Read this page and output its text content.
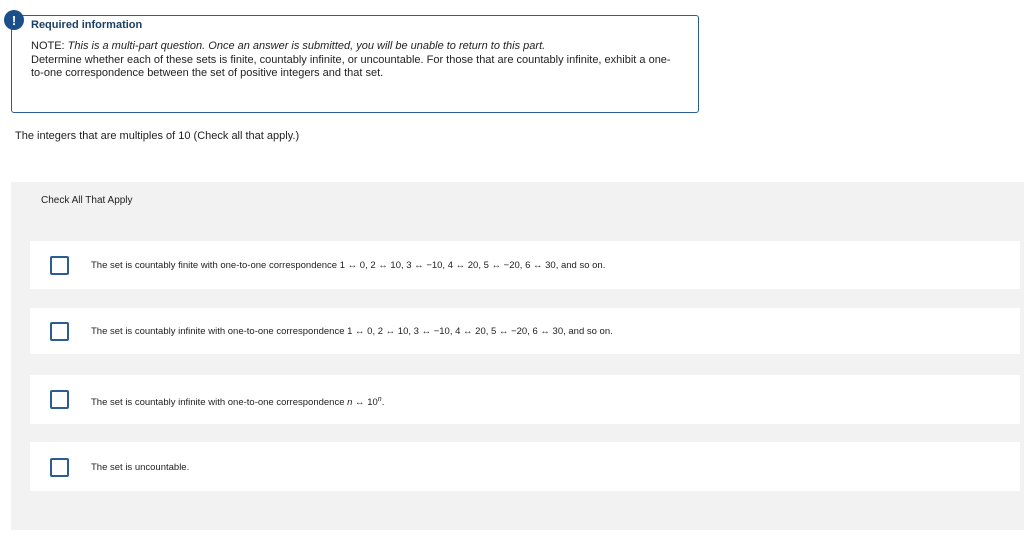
!	Required information
NOTE: This is a multi-part question. Once an answer is submitted, you will be unable to return to this part.
Determine whether each of these sets is finite, countably infinite, or uncountable. For those that are countably infinite, exhibit a one-to-one correspondence between the set of positive integers and that set.
The integers that are multiples of 10 (Check all that apply.)
Check All That Apply
The set is countably finite with one-to-one correspondence 1 ↔ 0, 2 ↔ 10, 3 ↔ −10, 4 ↔ 20, 5 ↔ −20, 6 ↔ 30, and so on.
The set is countably infinite with one-to-one correspondence 1 ↔ 0, 2 ↔ 10, 3 ↔ −10, 4 ↔ 20, 5 ↔ −20, 6 ↔ 30, and so on.
The set is countably infinite with one-to-one correspondence n ↔ 10$^n$.
The set is uncountable.
